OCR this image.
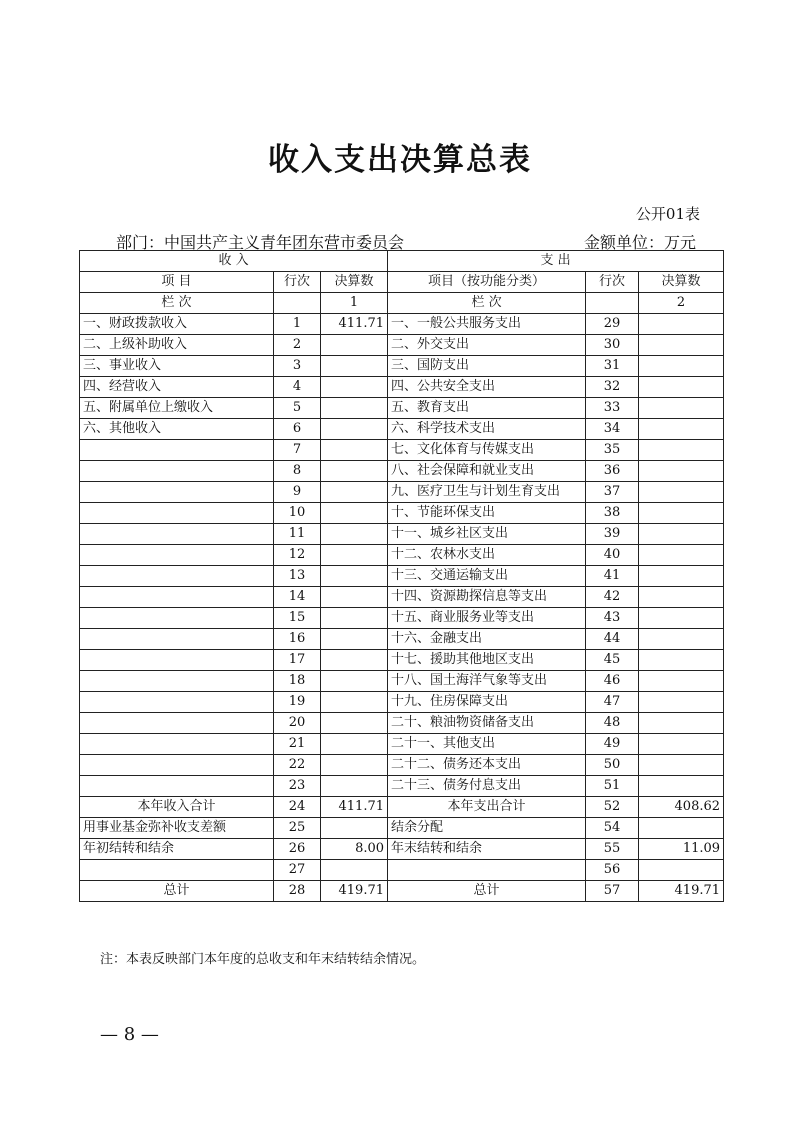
收入支出决算总表
公开01表
部门：中国共产主义青年团东营市委员会	金额单位：万元
收 入			支 出		
项 目	行次	决算数	项目（按功能分类）	行次	决算数
栏 次		1	栏 次		2
一、财政拨款收入	1	411.71	一、一般公共服务支出	29	
二、上级补助收入	2		二、外交支出	30	
三、事业收入	3		三、国防支出	31	
四、经营收入	4		四、公共安全支出	32	
五、附属单位上缴收入	5		五、教育支出	33	
六、其他收入	6		六、科学技术支出	34	
	7		七、文化体育与传媒支出	35	
	8		八、社会保障和就业支出	36	
	9		九、医疗卫生与计划生育支出	37	
	10		十、节能环保支出	38	
	11		十一、城乡社区支出	39	
	12		十二、农林水支出	40	
	13		十三、交通运输支出	41	
	14		十四、资源勘探信息等支出	42	
	15		十五、商业服务业等支出	43	
	16		十六、金融支出	44	
	17		十七、援助其他地区支出	45	
	18		十八、国土海洋气象等支出	46	
	19		十九、住房保障支出	47	
	20		二十、粮油物资储备支出	48	
	21		二十一、其他支出	49	
	22		二十二、债务还本支出	50	
	23		二十三、债务付息支出	51	
本年收入合计	24	411.71	本年支出合计	52	408.62
用事业基金弥补收支差额	25		结余分配	54	
年初结转和结余	26	8.00	年末结转和结余	55	11.09
	27			56	
总计	28	419.71	总计	57	419.71
注：本表反映部门本年度的总收支和年末结转结余情况。
— 8 —
